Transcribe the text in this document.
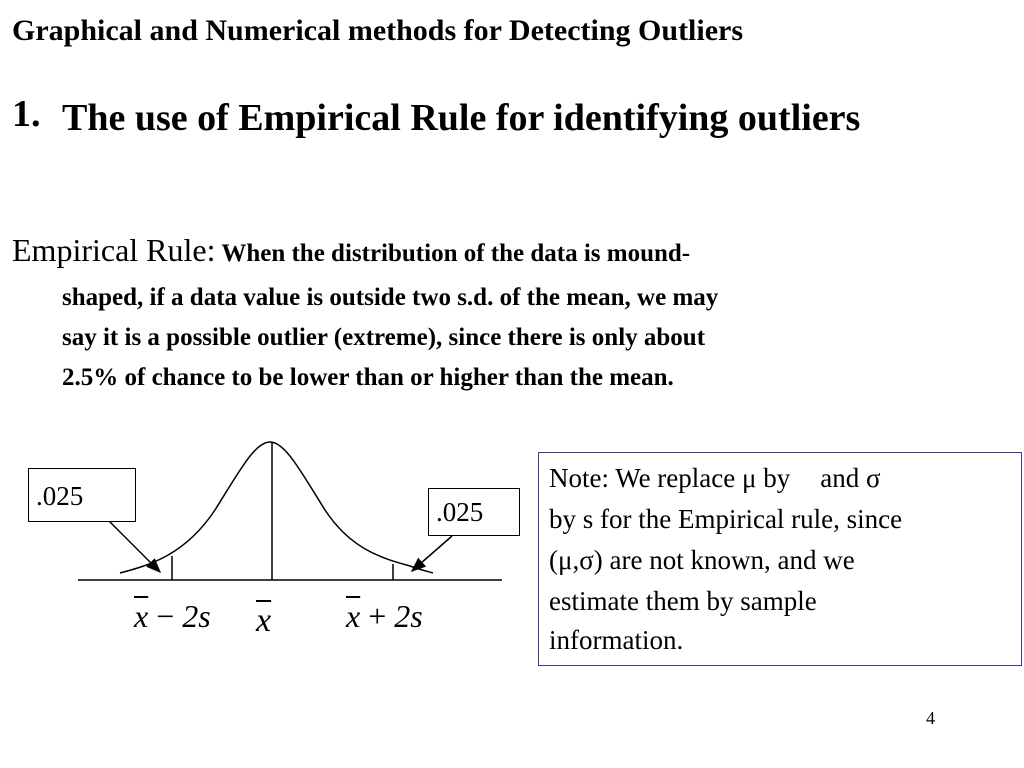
Graphical and Numerical methods for Detecting Outliers
1. The use of Empirical Rule for identifying outliers
Empirical Rule: When the distribution of the data is mound-
shaped, if a data value is outside two s.d. of the mean, we may
say it is a possible outlier (extreme), since there is only about
2.5% of chance to be lower than or higher than the mean.
.025
.025
$\overline{x} - 2s$ $\overline{x}$ $\overline{x} + 2s$
Note: We replace μ by and σ
by s for the Empirical rule, since
(μ,σ) are not known, and we
estimate them by sample
information.
4
